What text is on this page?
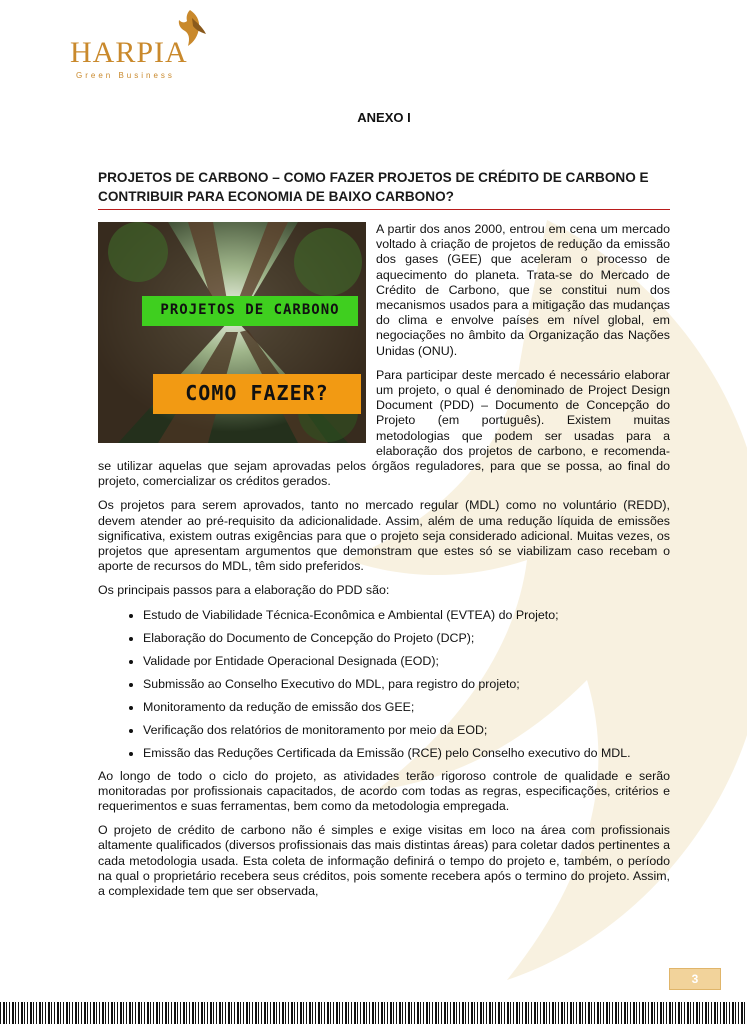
HARPIA
Green Business
ANEXO I
PROJETOS DE CARBONO – COMO FAZER PROJETOS DE CRÉDITO DE CARBONO E CONTRIBUIR PARA ECONOMIA DE BAIXO CARBONO?
PROJETOS DE CARBONO
COMO FAZER?

A partir dos anos 2000, entrou em cena um mercado voltado à criação de projetos de redução da emissão dos gases (GEE) que aceleram o processo de aquecimento do planeta. Trata-se do Mercado de Crédito de Carbono, que se constitui num dos mecanismos usados para a mitigação das mudanças do clima e envolve países em nível global, em negociações no âmbito da Organização das Nações Unidas (ONU).

Para participar deste mercado é necessário elaborar um projeto, o qual é denominado de Project Design Document (PDD) – Documento de Concepção do Projeto (em português). Existem muitas metodologias que podem ser usadas para a elaboração dos projetos de carbono, e recomenda-se utilizar aquelas que sejam aprovadas pelos órgãos reguladores, para que se possa, ao final do projeto, comercializar os créditos gerados.

Os projetos para serem aprovados, tanto no mercado regular (MDL) como no voluntário (REDD), devem atender ao pré-requisito da adicionalidade. Assim, além de uma redução líquida de emissões significativa, existem outras exigências para que o projeto seja considerado adicional. Muitas vezes, os projetos que apresentam argumentos que demonstram que estes só se viabilizam caso recebam o aporte de recursos do MDL, têm sido preferidos.

Os principais passos para a elaboração do PDD são:

• Estudo de Viabilidade Técnica-Econômica e Ambiental (EVTEA) do Projeto;
• Elaboração do Documento de Concepção do Projeto (DCP);
• Validade por Entidade Operacional Designada (EOD);
• Submissão ao Conselho Executivo do MDL, para registro do projeto;
• Monitoramento da redução de emissão dos GEE;
• Verificação dos relatórios de monitoramento por meio da EOD;
• Emissão das Reduções Certificada da Emissão (RCE) pelo Conselho executivo do MDL.

Ao longo de todo o ciclo do projeto, as atividades terão rigoroso controle de qualidade e serão monitoradas por profissionais capacitados, de acordo com todas as regras, especificações, critérios e requerimentos e suas ferramentas, bem como da metodologia empregada.

O projeto de crédito de carbono não é simples e exige visitas em loco na área com profissionais altamente qualificados (diversos profissionais das mais distintas áreas) para coletar dados pertinentes a cada metodologia usada. Esta coleta de informação definirá o tempo do projeto e, também, o período na qual o proprietário recebera seus créditos, pois somente recebera após o termino do projeto. Assim, a complexidade tem que ser observada,

3
